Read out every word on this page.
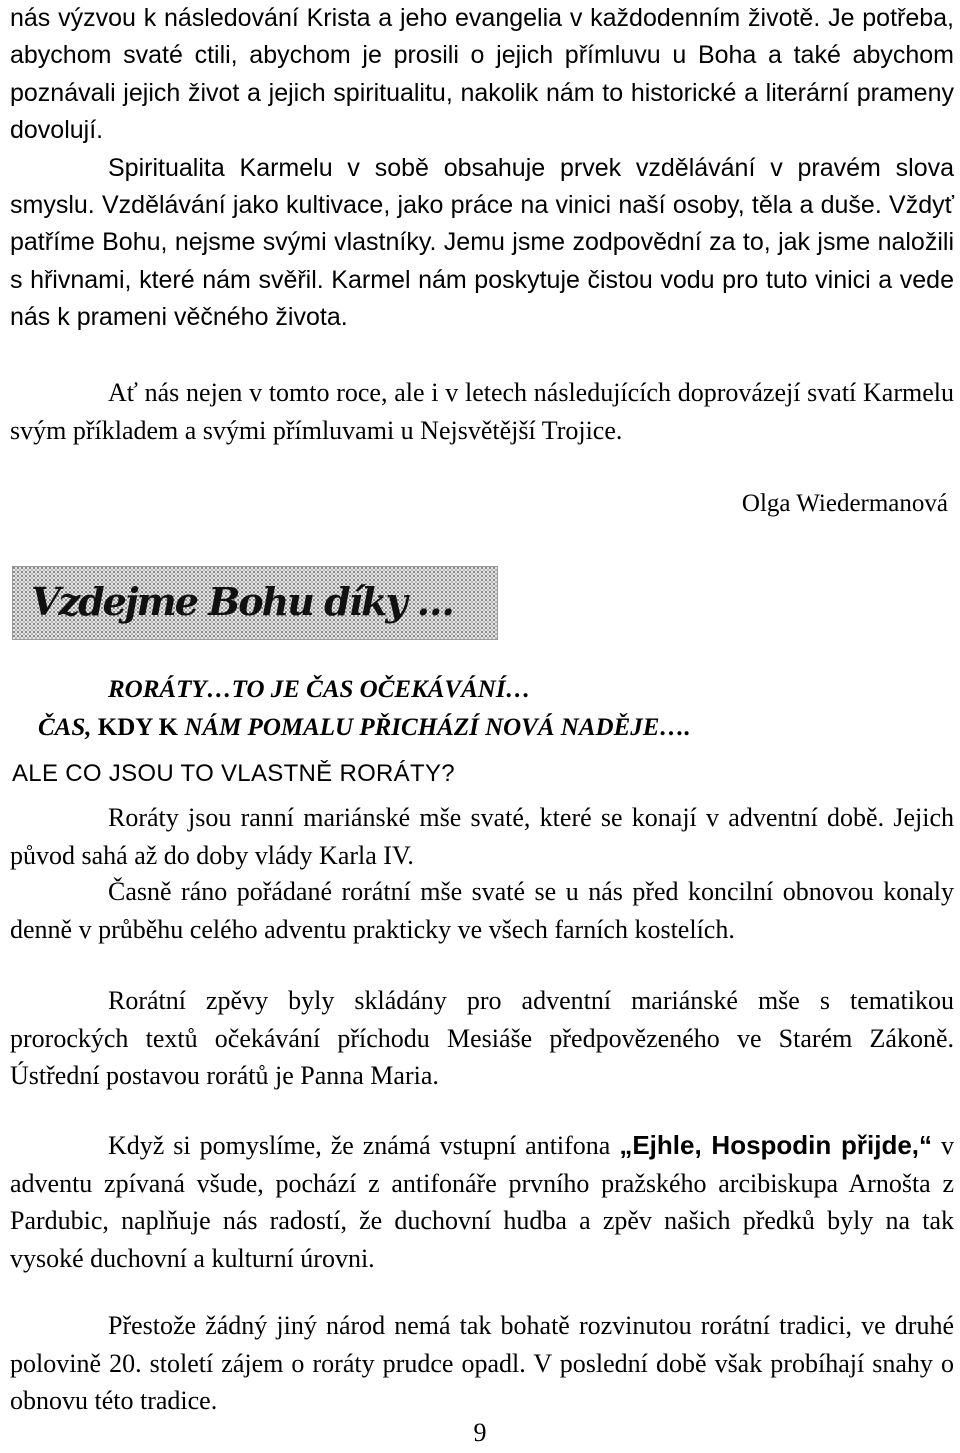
nás výzvou k následování Krista a jeho evangelia v každodenním životě. Je potřeba, abychom svaté ctili, abychom je prosili o jejich přímluvu u Boha a také abychom poznávali jejich život a jejich spiritualitu, nakolik nám to historické a literární prameny dovolují.
Spiritualita Karmelu v sobě obsahuje prvek vzdělávání v pravém slova smyslu. Vzdělávání jako kultivace, jako práce na vinici naší osoby, těla a duše. Vždyť patříme Bohu, nejsme svými vlastníky. Jemu jsme zodpovědní za to, jak jsme naložili s hřivnami, které nám svěřil. Karmel nám poskytuje čistou vodu pro tuto vinici a vede nás k prameni věčného života.
Ať nás nejen v tomto roce, ale i v letech následujících doprovázejí svatí Karmelu svým příkladem a svými přímluvami u Nejsvětější Trojice.
Olga Wiedermanová
Vzdejme Bohu díky …
RORÁTY…TO JE ČAS OČEKÁVÁNÍ…
ČAS, KDY K NÁM POMALU PŘICHÁZÍ NOVÁ NADĚJE….
ALE CO JSOU TO VLASTNĚ RORÁTY?
Roráty jsou ranní mariánské mše svaté, které se konají v adventní době. Jejich původ sahá až do doby vlády Karla IV.
Časně ráno pořádané rorátní mše svaté se u nás před koncilní obnovou konaly denně v průběhu celého adventu prakticky ve všech farních kostelích.
Rorátní zpěvy byly skládány pro adventní mariánské mše s tematikou prorockých textů očekávání příchodu Mesiáše předpovězeného ve Starém Zákoně. Ústřední postavou rorátů je Panna Maria.
Když si pomyslíme, že známá vstupní antifona „Ejhle, Hospodin přijde,“ v adventu zpívaná všude, pochází z antifonáře prvního pražského arcibiskupa Arnošta z Pardubic, naplňuje nás radostí, že duchovní hudba a zpěv našich předků byly na tak vysoké duchovní a kulturní úrovni.
Přestože žádný jiný národ nemá tak bohatě rozvinutou rorátní tradici, ve druhé polovině 20. století zájem o roráty prudce opadl. V poslední době však probíhají snahy o obnovu této tradice.
9
